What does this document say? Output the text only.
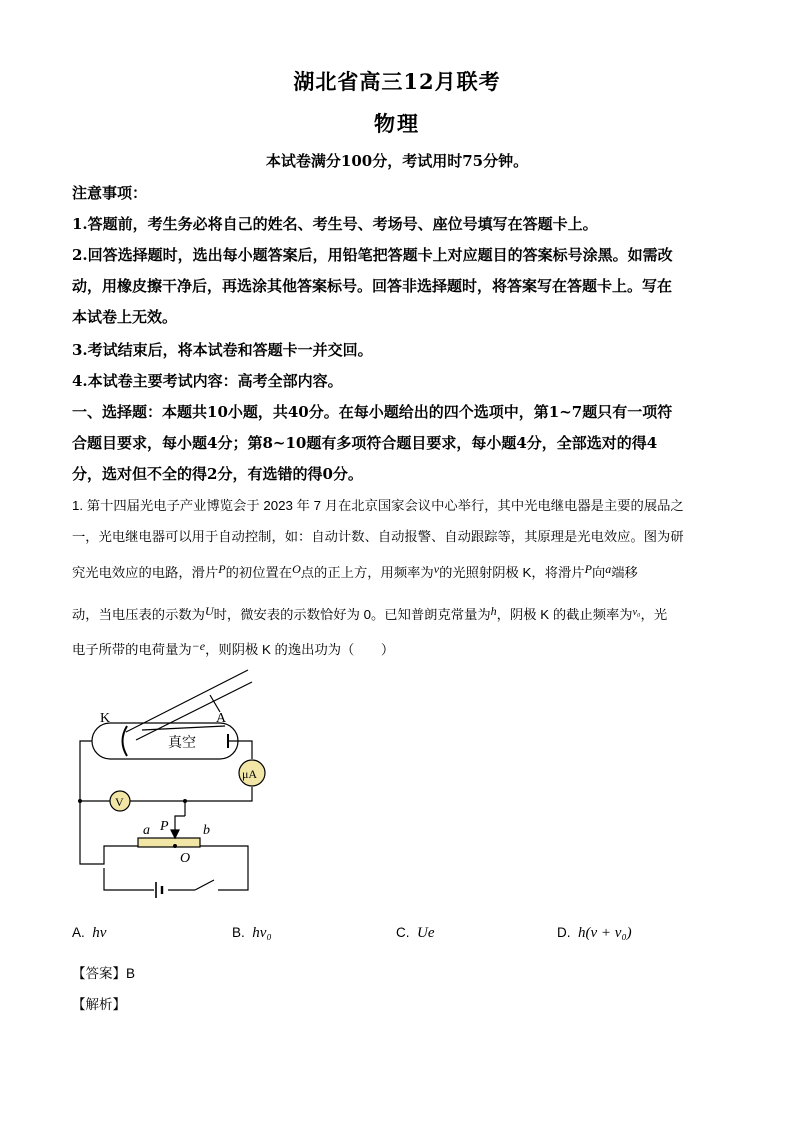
湖北省高三12月联考
物理
本试卷满分100分，考试用时75分钟。
注意事项：
1.答题前，考生务必将自己的姓名、考生号、考场号、座位号填写在答题卡上。
2.回答选择题时，选出每小题答案后，用铅笔把答题卡上对应题目的答案标号涂黑。如需改
动，用橡皮擦干净后，再选涂其他答案标号。回答非选择题时，将答案写在答题卡上。写在
本试卷上无效。
3.考试结束后，将本试卷和答题卡一并交回。
4.本试卷主要考试内容：高考全部内容。
一、选择题：本题共10小题，共40分。在每小题给出的四个选项中，第1~7题只有一项符
合题目要求，每小题4分；第8~10题有多项符合题目要求，每小题4分，全部选对的得4
分，选对但不全的得2分，有选错的得0分。
1. 第十四届光电子产业博览会于 2023 年 7 月在北京国家会议中心举行，其中光电继电器是主要的展品之
一，光电继电器可以用于自动控制，如：自动计数、自动报警、自动跟踪等，其原理是光电效应。图为研
究光电效应的电路，滑片P的初位置在O点的正上方，用频率为ν的光照射阴极 K，将滑片P向a端移
动，当电压表的示数为U时，微安表的示数恰好为 0。已知普朗克常量为h，阴极 K 的截止频率为$^{\nu_0}$，光
电子所带的电荷量为−e，则阴极 K 的逸出功为（　　）
K	A
真空
μA
V
a P b
O
A. hν	B. hν₀	C. Ue	D. h(ν + ν₀)
【答案】B
【解析】
